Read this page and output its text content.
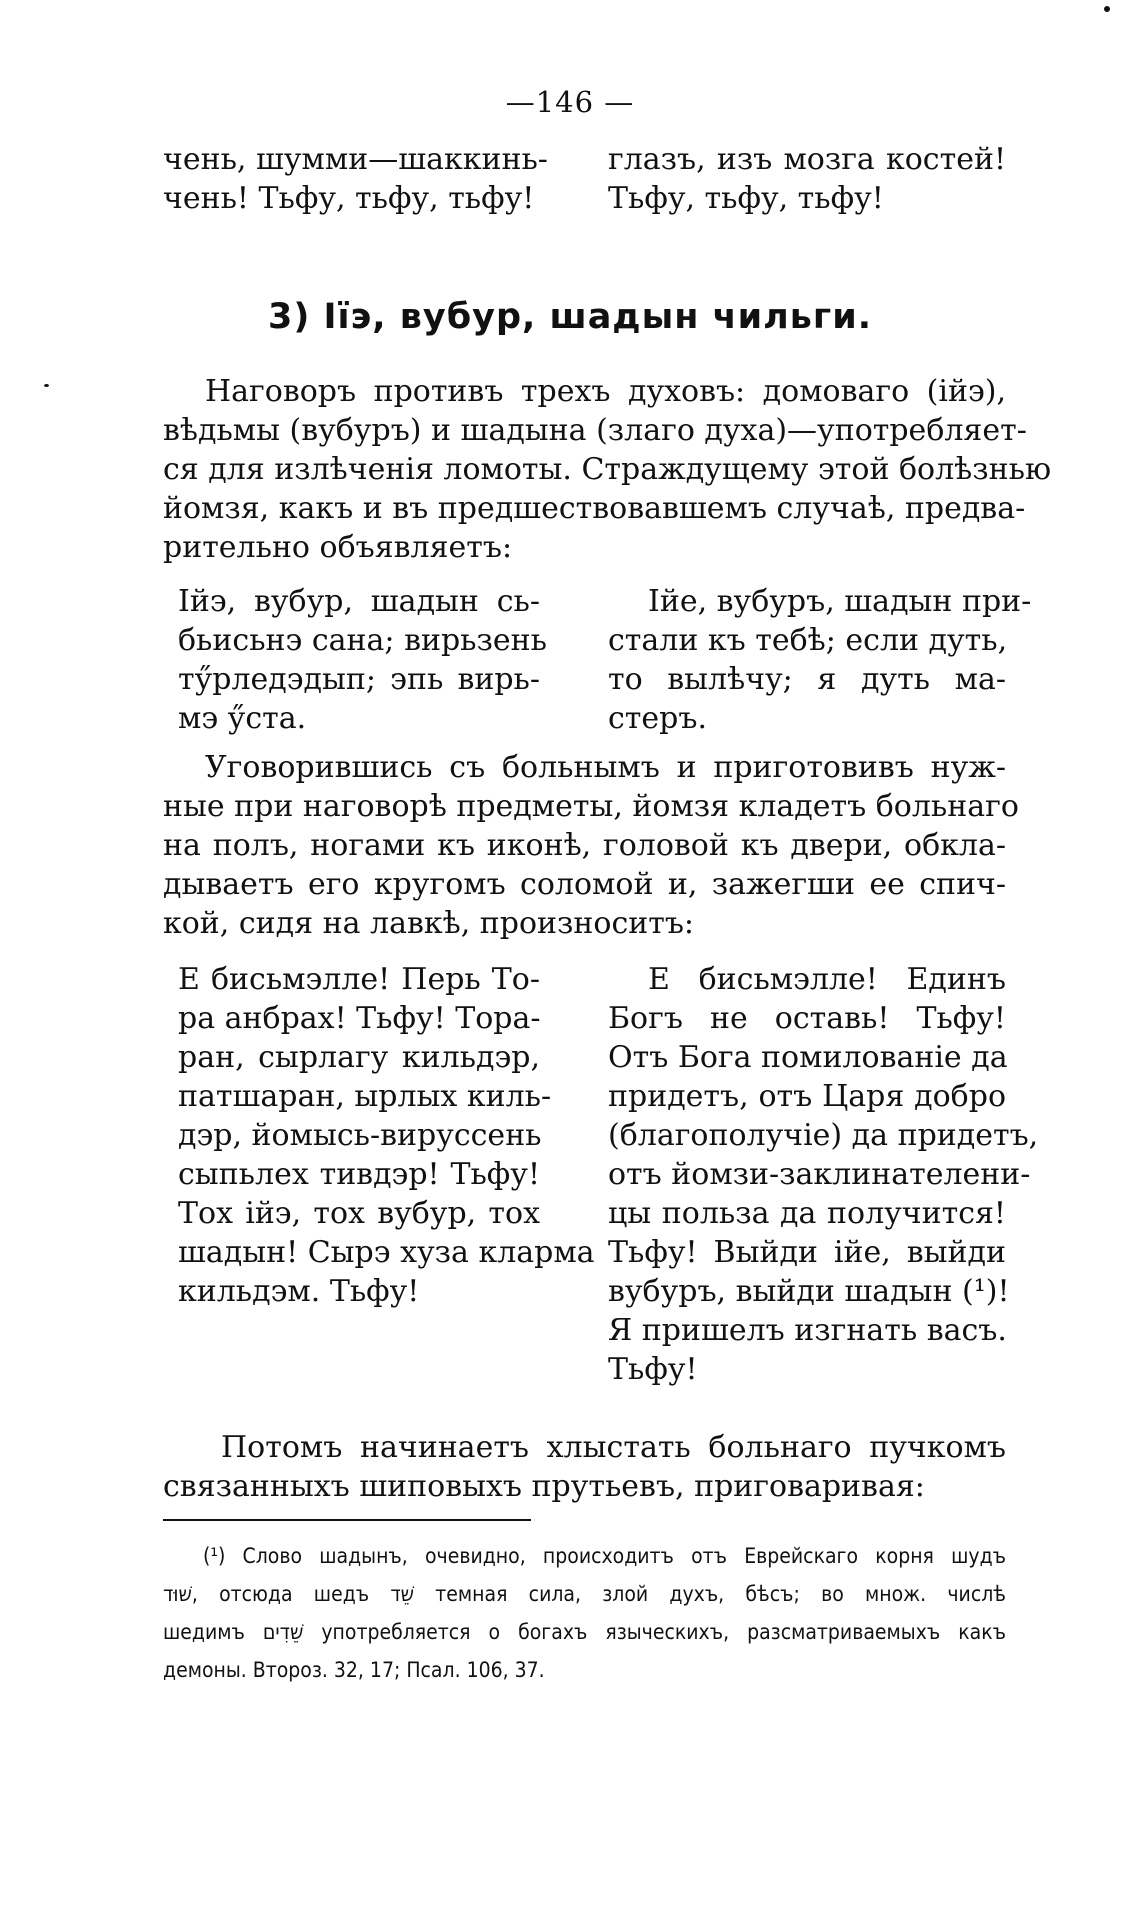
—146 —
чень, шумми—шаккинь-
чень! Тьфу, тьфу, тьфу!
глазъ, изъ мозга костей!
Тьфу, тьфу, тьфу!
3) Іïэ, вубур, шадын чильги.
Наговоръ противъ трехъ духовъ: домоваго (iйэ),
вѣдьмы (вубуръ) и шадына (злаго духа)—употребляет-
ся для излѣченія ломоты. Страждущему этой болѣзнью
йомзя, какъ и въ предшествовавшемъ случаѣ, предва-
рительно объявляетъ:
Iйэ, вубур, шадын сь-
бьисьнэ сана; вирьзень
тӳрледэдып; эпь вирь-
мэ ӳста.
Iйе, вубуръ, шадын при-
стали къ тебѣ; если дуть,
то вылѣчу; я дуть ма-
стеръ.
Уговорившись съ больнымъ и приготовивъ нуж-
ные при наговорѣ предметы, йомзя кладетъ больнаго
на полъ, ногами къ иконѣ, головой къ двери, обкла-
дываетъ его кругомъ соломой и, зажегши ее спич-
кой, сидя на лавкѣ, произноситъ:
Е бисьмэлле! Перь То-
ра анбрах! Тьфу! Тора-
ран, сырлагу кильдэр,
патшаран, ырлых киль-
дэр, йомысь-вируссень
сыпьлех тивдэр! Тьфу!
Тох iйэ, тох вубур, тох
шадын! Сырэ хуза клармa
кильдэм. Тьфу!
Е бисьмэлле! Единъ
Богъ не оставь! Тьфу!
Отъ Бога помилованіе да
придетъ, отъ Царя добро
(благополучіе) да придетъ,
отъ йомзи-заклинателени-
цы польза да получится!
Тьфу! Выйди iйе, выйди
вубуръ, выйди шадын (¹)!
Я пришелъ изгнать васъ.
Тьфу!
Потомъ начинаетъ хлыстать больнаго пучкомъ
связанныхъ шиповыхъ прутьевъ, приговаривая:
(¹) Слово шадынъ, очевидно, происходитъ отъ Еврейскаго корня шудъ
שׁוּד, отсюда шедъ שֵׁד темная сила, злой духъ, бѣсъ; во множ. числѣ
шедимъ שֵׁדִים употребляется о богахъ языческихъ, разсматриваемыхъ какъ
демоны. Второз. 32, 17; Псал. 106, 37.
